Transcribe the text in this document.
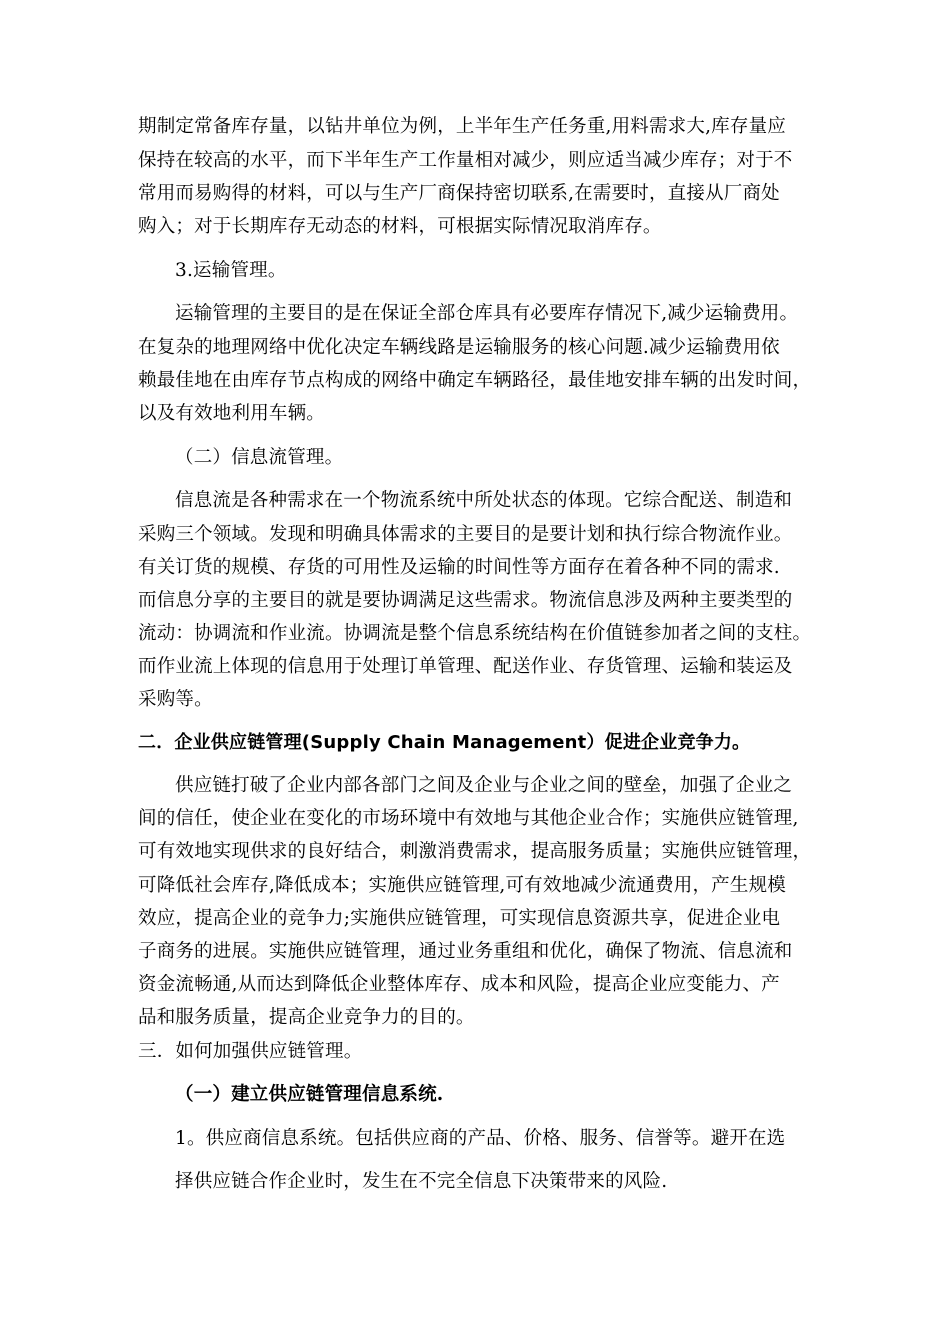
期制定常备库存量，以钻井单位为例，上半年生产任务重,用料需求大,库存量应
保持在较高的水平，而下半年生产工作量相对减少，则应适当减少库存；对于不
常用而易购得的材料，可以与生产厂商保持密切联系,在需要时，直接从厂商处
购入；对于长期库存无动态的材料，可根据实际情况取消库存。
3.运输管理。
运输管理的主要目的是在保证全部仓库具有必要库存情况下,减少运输费用。
在复杂的地理网络中优化决定车辆线路是运输服务的核心问题.减少运输费用依
赖最佳地在由库存节点构成的网络中确定车辆路径，最佳地安排车辆的出发时间，
以及有效地利用车辆。
（二）信息流管理。
信息流是各种需求在一个物流系统中所处状态的体现。它综合配送、制造和
采购三个领域。发现和明确具体需求的主要目的是要计划和执行综合物流作业。
有关订货的规模、存货的可用性及运输的时间性等方面存在着各种不同的需求.
而信息分享的主要目的就是要协调满足这些需求。物流信息涉及两种主要类型的
流动：协调流和作业流。协调流是整个信息系统结构在价值链参加者之间的支柱。
而作业流上体现的信息用于处理订单管理、配送作业、存货管理、运输和装运及
采购等。
二．企业供应链管理(Supply Chain Management）促进企业竞争力。
供应链打破了企业内部各部门之间及企业与企业之间的壁垒，加强了企业之
间的信任，使企业在变化的市场环境中有效地与其他企业合作；实施供应链管理,
可有效地实现供求的良好结合，刺激消费需求，提高服务质量；实施供应链管理，
可降低社会库存,降低成本；实施供应链管理,可有效地减少流通费用，产生规模
效应，提高企业的竞争力;实施供应链管理，可实现信息资源共享，促进企业电
子商务的进展。实施供应链管理，通过业务重组和优化，确保了物流、信息流和
资金流畅通,从而达到降低企业整体库存、成本和风险，提高企业应变能力、产
品和服务质量，提高企业竞争力的目的。
三．如何加强供应链管理。
（一）建立供应链管理信息系统.
1。供应商信息系统。包括供应商的产品、价格、服务、信誉等。避开在选
择供应链合作企业时，发生在不完全信息下决策带来的风险.
